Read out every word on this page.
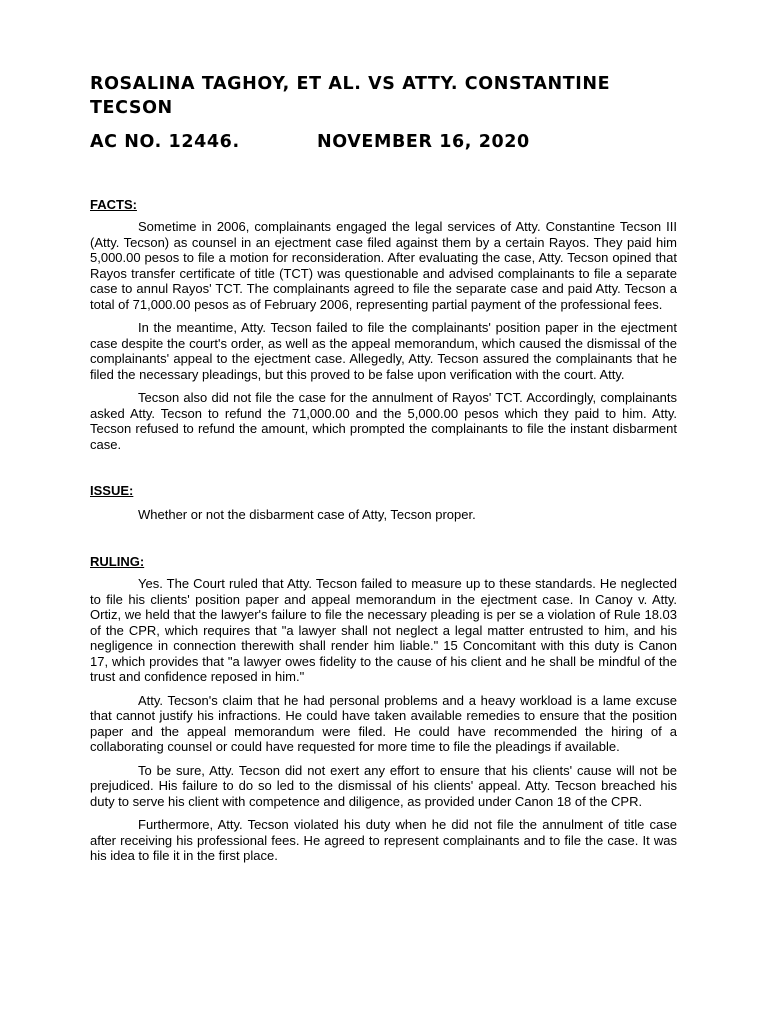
ROSALINA TAGHOY, ET AL. VS ATTY. CONSTANTINE TECSON
AC NO. 12446.	NOVEMBER 16, 2020
FACTS:

Sometime in 2006, complainants engaged the legal services of Atty. Constantine Tecson III (Atty. Tecson) as counsel in an ejectment case filed against them by a certain Rayos. They paid him 5,000.00 pesos to file a motion for reconsideration. After evaluating the case, Atty. Tecson opined that Rayos transfer certificate of title (TCT) was questionable and advised complainants to file a separate case to annul Rayos' TCT. The complainants agreed to file the separate case and paid Atty. Tecson a total of 71,000.00 pesos as of February 2006, representing partial payment of the professional fees.

In the meantime, Atty. Tecson failed to file the complainants' position paper in the ejectment case despite the court's order, as well as the appeal memorandum, which caused the dismissal of the complainants' appeal to the ejectment case. Allegedly, Atty. Tecson assured the complainants that he filed the necessary pleadings, but this proved to be false upon verification with the court. Atty.

Tecson also did not file the case for the annulment of Rayos' TCT. Accordingly, complainants asked Atty. Tecson to refund the 71,000.00 and the 5,000.00 pesos which they paid to him. Atty. Tecson refused to refund the amount, which prompted the complainants to file the instant disbarment case.

ISSUE:

Whether or not the disbarment case of Atty, Tecson proper.

RULING:

Yes. The Court ruled that Atty. Tecson failed to measure up to these standards. He neglected to file his clients' position paper and appeal memorandum in the ejectment case. In Canoy v. Atty. Ortiz, we held that the lawyer's failure to file the necessary pleading is per se a violation of Rule 18.03 of the CPR, which requires that "a lawyer shall not neglect a legal matter entrusted to him, and his negligence in connection therewith shall render him liable." 15 Concomitant with this duty is Canon 17, which provides that "a lawyer owes fidelity to the cause of his client and he shall be mindful of the trust and confidence reposed in him."

Atty. Tecson's claim that he had personal problems and a heavy workload is a lame excuse that cannot justify his infractions. He could have taken available remedies to ensure that the position paper and the appeal memorandum were filed. He could have recommended the hiring of a collaborating counsel or could have requested for more time to file the pleadings if available.

To be sure, Atty. Tecson did not exert any effort to ensure that his clients' cause will not be prejudiced. His failure to do so led to the dismissal of his clients' appeal. Atty. Tecson breached his duty to serve his client with competence and diligence, as provided under Canon 18 of the CPR.

Furthermore, Atty. Tecson violated his duty when he did not file the annulment of title case after receiving his professional fees. He agreed to represent complainants and to file the case. It was his idea to file it in the first place.
